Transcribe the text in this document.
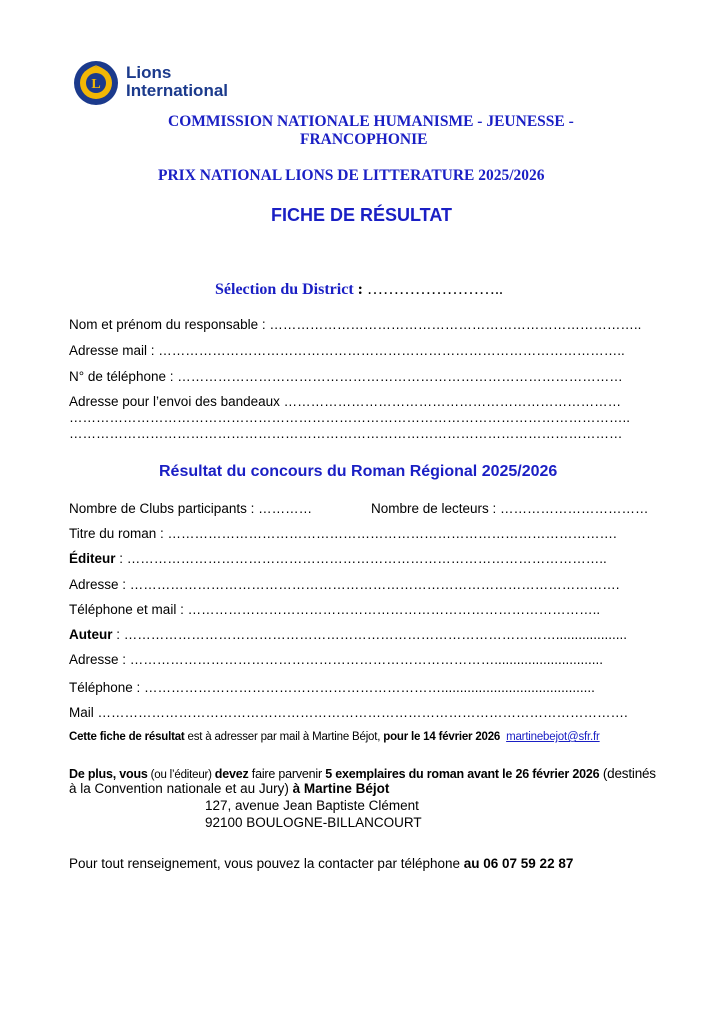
L
Lions
International
COMMISSION NATIONALE HUMANISME - JEUNESSE -
FRANCOPHONIE
PRIX NATIONAL LIONS DE LITTERATURE 2025/2026
FICHE DE RÉSULTAT
Sélection du District : ……………………..
Nom et prénom du responsable : ………………………………………………………………………..
Adresse mail : …………………………………………………………………………………………..
N° de téléphone : ………………………………………………………………………………………
Adresse pour l’envoi des bandeaux …………………………………………………………………
……………………………………………………………………………………………………………..
……………………………………………………………………………………………………………
Résultat du concours du Roman Régional 2025/2026
Nombre de Clubs participants : …………	Nombre de lecteurs : ……………………………
Titre du roman : ……………………………………………………………………………………….
Éditeur : ……………………………………………………………………………………………..
Adresse : ……………………………………………………………………………………………….
Téléphone et mail : ………………………………………………………………………………..
Auteur : ……………………………………………………………………………………...................
Adresse : ……………………………………………………………………….............................
Téléphone : ………………………………………………………….........................................
Mail ……………………………………………………………………………………………………….
Cette fiche de résultat est à adresser par mail à Martine Béjot, pour le 14 février 2026 martinebejot@sfr.fr
De plus, vous (ou l’éditeur) devez faire parvenir 5 exemplaires du roman avant le 26 février 2026 (destinés
à la Convention nationale et au Jury) à Martine Béjot
127, avenue Jean Baptiste Clément
92100 BOULOGNE-BILLANCOURT
Pour tout renseignement, vous pouvez la contacter par téléphone au 06 07 59 22 87
